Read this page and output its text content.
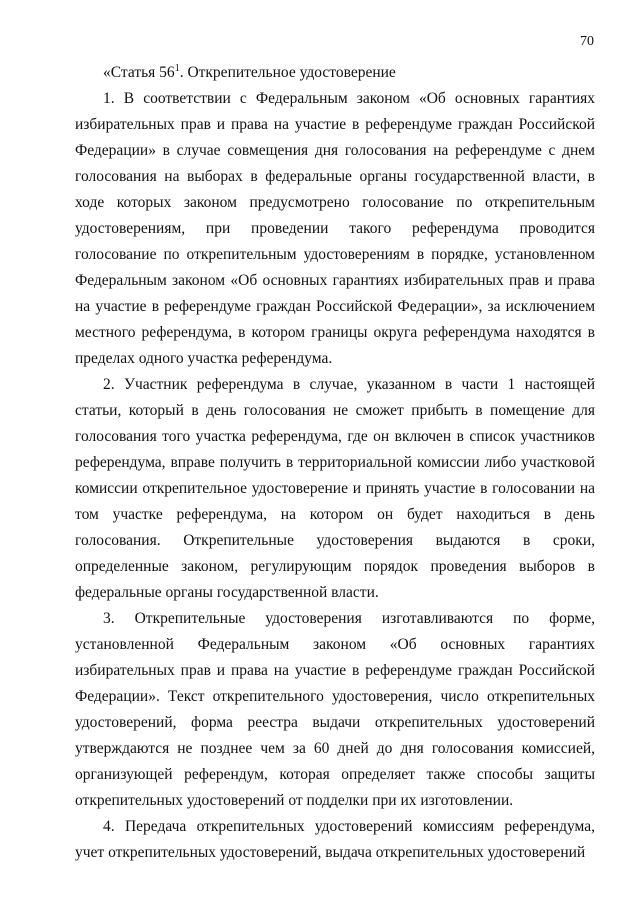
70
«Статья $56^1$. Открепительное удостоверение

1. В соответствии с Федеральным законом «Об основных гарантиях избирательных прав и права на участие в референдуме граждан Российской Федерации» в случае совмещения дня голосования на референдуме с днем голосования на выборах в федеральные органы государственной власти, в ходе которых законом предусмотрено голосование по открепительным удостоверениям, при проведении такого референдума проводится голосование по открепительным удостоверениям в порядке, установленном Федеральным законом «Об основных гарантиях избирательных прав и права на участие в референдуме граждан Российской Федерации», за исключением местного референдума, в котором границы округа референдума находятся в пределах одного участка референдума.

2. Участник референдума в случае, указанном в части 1 настоящей статьи, который в день голосования не сможет прибыть в помещение для голосования того участка референдума, где он включен в список участников референдума, вправе получить в территориальной комиссии либо участковой комиссии открепительное удостоверение и принять участие в голосовании на том участке референдума, на котором он будет находиться в день голосования. Открепительные удостоверения выдаются в сроки, определенные законом, регулирующим порядок проведения выборов в федеральные органы государственной власти.

3. Открепительные удостоверения изготавливаются по форме, установленной Федеральным законом «Об основных гарантиях избирательных прав и права на участие в референдуме граждан Российской Федерации». Текст открепительного удостоверения, число открепительных удостоверений, форма реестра выдачи открепительных удостоверений утверждаются не позднее чем за 60 дней до дня голосования комиссией, организующей референдум, которая определяет также способы защиты открепительных удостоверений от подделки при их изготовлении.

4. Передача открепительных удостоверений комиссиям референдума, учет открепительных удостоверений, выдача открепительных удостоверений
